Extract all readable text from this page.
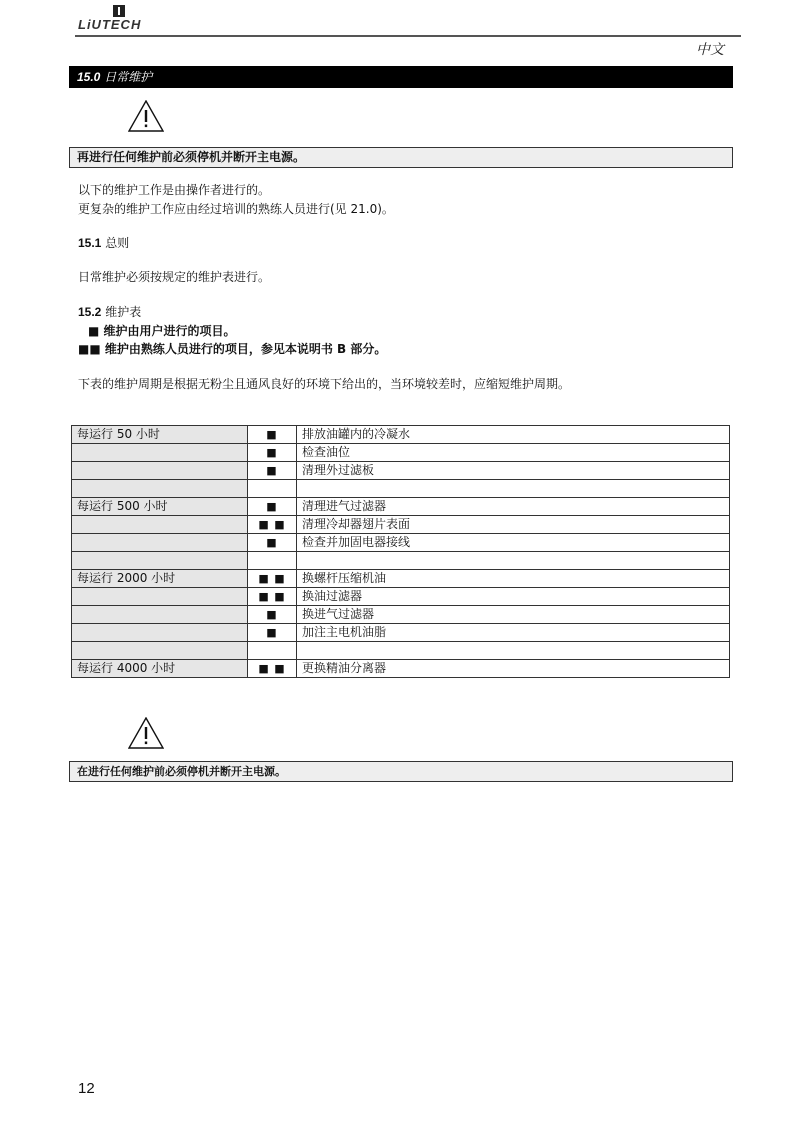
LiUTECH
中文
15.0 日常维护
再进行任何维护前必须停机并断开主电源。
以下的维护工作是由操作者进行的。
更复杂的维护工作应由经过培训的熟练人员进行(见 21.0)。
15.1 总则
日常维护必须按规定的维护表进行。
15.2 维护表
■ 维护由用户进行的项目。
■■ 维护由熟练人员进行的项目，参见本说明书 B 部分。
下表的维护周期是根据无粉尘且通风良好的环境下给出的，当环境较差时，应缩短维护周期。
每运行 50 小时	■	排放油罐内的冷凝水
	■	检查油位
	■	清理外过滤板

每运行 500 小时	■	清理进气过滤器
	■ ■	清理冷却器翅片表面
	■	检查并加固电器接线

每运行 2000 小时	■ ■	换螺杆压缩机油
	■ ■	换油过滤器
	■	换进气过滤器
	■	加注主电机油脂

每运行 4000 小时	■ ■	更换精油分离器
在进行任何维护前必须停机并断开主电源。
12
